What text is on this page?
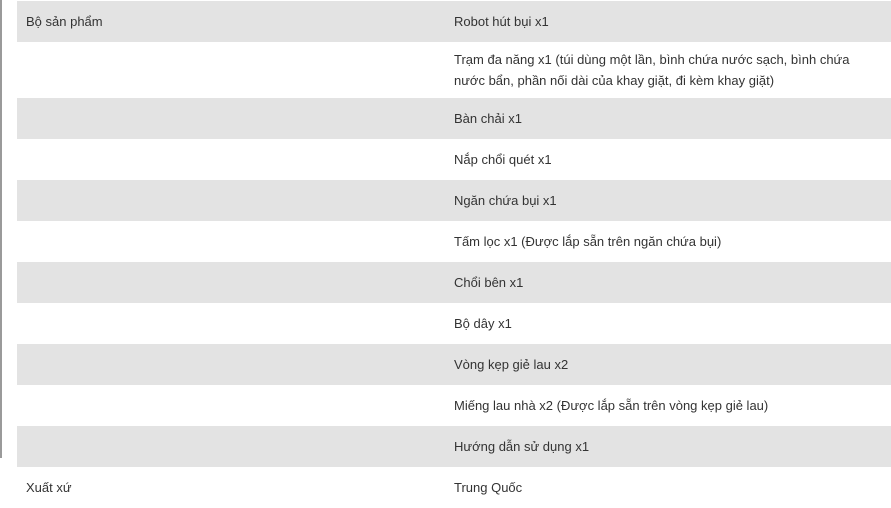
Bộ sản phẩm	Robot hút bụi x1
	Trạm đa năng x1 (túi dùng một lần, bình chứa nước sạch, bình chứa nước bẩn, phần nối dài của khay giặt, đi kèm khay giặt)
	Bàn chải x1
	Nắp chổi quét x1
	Ngăn chứa bụi x1
	Tấm lọc x1 (Được lắp sẵn trên ngăn chứa bụi)
	Chổi bên x1
	Bộ dây x1
	Vòng kẹp giẻ lau x2
	Miếng lau nhà x2 (Được lắp sẵn trên vòng kẹp giẻ lau)
	Hướng dẫn sử dụng x1
Xuất xứ	Trung Quốc
